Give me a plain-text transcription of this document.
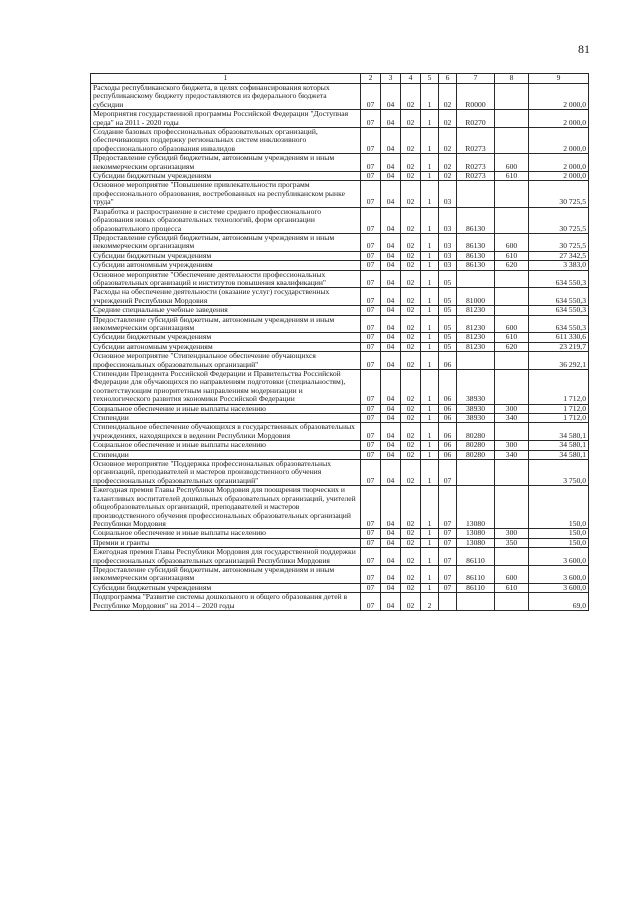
81
1	2	3	4	5	6	7	8	9
Расходы республиканского бюджета, в целях софинансирования которых республиканскому бюджету предоставляются из федерального бюджета субсидии	07	04	02	1	02	R0000		2 000,0
Мероприятия государственной программы Российской Федерации "Доступная среда" на 2011 - 2020 годы	07	04	02	1	02	R0270		2 000,0
Создание базовых профессиональных образовательных организаций, обеспечивающих поддержку региональных систем инклюзивного профессионального образования инвалидов	07	04	02	1	02	R0273		2 000,0
Предоставление субсидий бюджетным, автономным учреждениям и иным некоммерческим организациям	07	04	02	1	02	R0273	600	2 000,0
Субсидии бюджетным учреждениям	07	04	02	1	02	R0273	610	2 000,0
Основное мероприятие "Повышение привлекательности программ профессионального образования, востребованных на республиканском рынке труда"	07	04	02	1	03			30 725,5
Разработка и распространение в системе среднего профессионального образования новых образовательных технологий, форм организации образовательного процесса	07	04	02	1	03	86130		30 725,5
Предоставление субсидий бюджетным, автономным учреждениям и иным некоммерческим организациям	07	04	02	1	03	86130	600	30 725,5
Субсидии бюджетным учреждениям	07	04	02	1	03	86130	610	27 342,5
Субсидии автономным учреждениям	07	04	02	1	03	86130	620	3 383,0
Основное мероприятие "Обеспечение деятельности профессиональных образовательных организаций и институтов повышения квалификации"	07	04	02	1	05			634 550,3
Расходы на обеспечение деятельности (оказание услуг) государственных учреждений Республики Мордовия	07	04	02	1	05	81000		634 550,3
Средние специальные учебные заведения	07	04	02	1	05	81230		634 550,3
Предоставление субсидий бюджетным, автономным учреждениям и иным некоммерческим организациям	07	04	02	1	05	81230	600	634 550,3
Субсидии бюджетным учреждениям	07	04	02	1	05	81230	610	611 330,6
Субсидии автономным учреждениям	07	04	02	1	05	81230	620	23 219,7
Основное мероприятие "Стипендиальное обеспечение обучающихся профессиональных образовательных организаций"	07	04	02	1	06			36 292,1
Стипендии Президента Российской Федерации и Правительства Российской Федерации для обучающихся по направлениям подготовки (специальностям), соответствующим приоритетным направлениям модернизации и технологического развития экономики Российской Федерации	07	04	02	1	06	38930		1 712,0
Социальное обеспечение и иные выплаты населению	07	04	02	1	06	38930	300	1 712,0
Стипендии	07	04	02	1	06	38930	340	1 712,0
Стипендиальное обеспечение обучающихся в государственных образовательных учреждениях, находящихся в ведении Республики Мордовия	07	04	02	1	06	80280		34 580,1
Социальное обеспечение и иные выплаты населению	07	04	02	1	06	80280	300	34 580,1
Стипендии	07	04	02	1	06	80280	340	34 580,1
Основное мероприятие "Поддержка профессиональных образовательных организаций, преподавателей и мастеров производственного обучения профессиональных образовательных организаций"	07	04	02	1	07			3 750,0
Ежегодная премия Главы Республики Мордовия для поощрения творческих и талантливых воспитателей дошкольных образовательных организаций, учителей общеобразовательных организаций, преподавателей и мастеров производственного обучения профессиональных образовательных организаций Республики Мордовия	07	04	02	1	07	13080		150,0
Социальное обеспечение и иные выплаты населению	07	04	02	1	07	13080	300	150,0
Премии и гранты	07	04	02	1	07	13080	350	150,0
Ежегодная премия Главы Республики Мордовия для государственной поддержки профессиональных образовательных организаций Республики Мордовия	07	04	02	1	07	86110		3 600,0
Предоставление субсидий бюджетным, автономным учреждениям и иным некоммерческим организациям	07	04	02	1	07	86110	600	3 600,0
Субсидии бюджетным учреждениям	07	04	02	1	07	86110	610	3 600,0
Подпрограмма "Развитие системы дошкольного и общего образования детей в Республике Мордовия" на 2014 – 2020 годы	07	04	02	2				69,0
